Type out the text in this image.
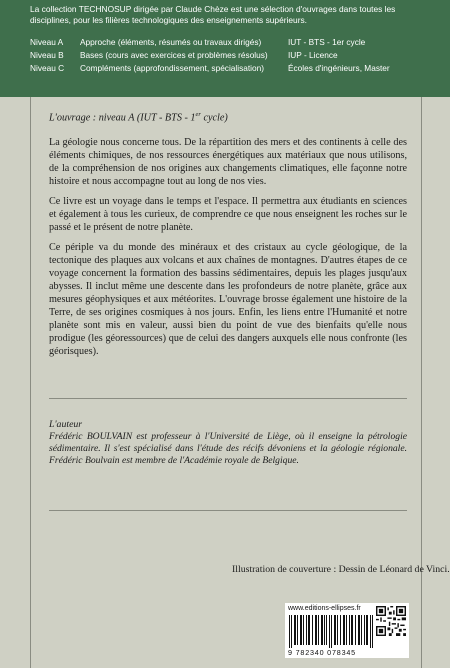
La collection TECHNOSUP dirigée par Claude Chèze est une sélection d'ouvrages dans toutes les disciplines, pour les filières technologiques des enseignements supérieurs.
Niveau A Approche (éléments, résumés ou travaux dirigés)	IUT - BTS - 1er cycle
Niveau B Bases (cours avec exercices et problèmes résolus) IUP - Licence
Niveau C Compléments (approfondissement, spécialisation)	Écoles d'ingénieurs, Master
L'ouvrage : niveau A (IUT - BTS - 1er cycle)

La géologie nous concerne tous. De la répartition des mers et des continents à celle des éléments chimiques, de nos ressources énergétiques aux matériaux que nous utilisons, de la compréhension de nos origines aux changements climatiques, elle façonne notre histoire et nous accompagne tout au long de nos vies.

Ce livre est un voyage dans le temps et l'espace. Il permettra aux étudiants en sciences et également à tous les curieux, de comprendre ce que nous enseignent les roches sur le passé et le présent de notre planète.

Ce périple va du monde des minéraux et des cristaux au cycle géologique, de la tectonique des plaques aux volcans et aux chaînes de montagnes. D'autres étapes de ce voyage concernent la formation des bassins sédimentaires, depuis les plages jusqu'aux abysses. Il inclut même une descente dans les profondeurs de notre planète, grâce aux mesures géophysiques et aux météorites. L'ouvrage brosse également une histoire de la Terre, de ses origines cosmiques à nos jours. Enfin, les liens entre l'Humanité et notre planète sont mis en valeur, aussi bien du point de vue des bienfaits qu'elle nous prodigue (les géoressources) que de celui des dangers auxquels elle nous confronte (les géorisques).

L'auteur
Frédéric BOULVAIN est professeur à l'Université de Liège, où il enseigne la pétrologie sédimentaire. Il s'est spécialisé dans l'étude des récifs dévoniens et la géologie régionale. Frédéric Boulvain est membre de l'Académie royale de Belgique.
Illustration de couverture : Dessin de Léonard de Vinci.
www.editions-ellipses.fr
9 782340 078345
